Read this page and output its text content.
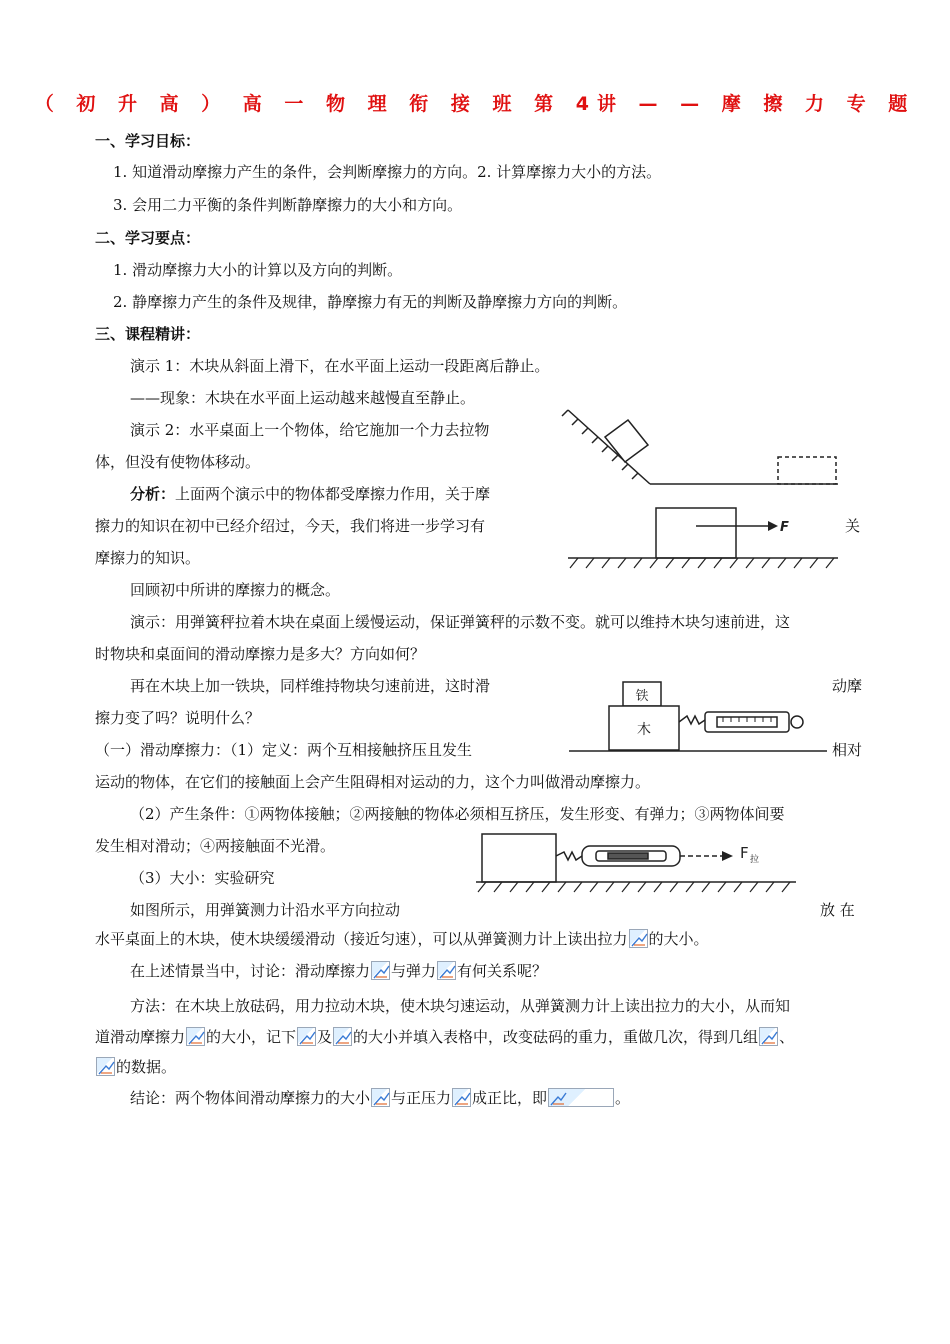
（ 初 升 高 ） 高 一 物 理 衔 接 班 第 4讲 — — 摩 擦 力 专 题
一、学习目标：
1. 知道滑动摩擦力产生的条件，会判断摩擦力的方向。2. 计算摩擦力大小的方法。
3. 会用二力平衡的条件判断静摩擦力的大小和方向。
二、学习要点：
1. 滑动摩擦力大小的计算以及方向的判断。
2. 静摩擦力产生的条件及规律，静摩擦力有无的判断及静摩擦力方向的判断。
三、课程精讲：
演示 1：木块从斜面上滑下，在水平面上运动一段距离后静止。
——现象：木块在水平面上运动越来越慢直至静止。
演示 2：水平桌面上一个物体，给它施加一个力去拉物
体，但没有使物体移动。
分析：上面两个演示中的物体都受摩擦力作用，关于摩
擦力的知识在初中已经介绍过，今天，我们将进一步学习有	关
摩擦力的知识。
回顾初中所讲的摩擦力的概念。
演示：用弹簧秤拉着木块在桌面上缓慢运动，保证弹簧秤的示数不变。就可以维持木块匀速前进，这
时物块和桌面间的滑动摩擦力是多大？方向如何？
再在木块上加一铁块，同样维持物块匀速前进，这时滑	动摩
擦力变了吗？说明什么？
（一）滑动摩擦力：（1）定义：两个互相接触挤压且发生	相对
运动的物体，在它们的接触面上会产生阻碍相对运动的力，这个力叫做滑动摩擦力。
（2）产生条件：①两物体接触；②两接触的物体必须相互挤压，发生形变、有弹力；③两物体间要
发生相对滑动；④两接触面不光滑。
（3）大小：实验研究
如图所示，用弹簧测力计沿水平方向拉动	放 在
水平桌面上的木块，使木块缓缓滑动（接近匀速），可以从弹簧测力计上读出拉力 的大小。
在上述情景当中，讨论：滑动摩擦力 与弹力 有何关系呢？
方法：在木块上放砝码，用力拉动木块，使木块匀速运动，从弹簧测力计上读出拉力的大小，从而知
道滑动摩擦力 的大小，记下 及 的大小并填入表格中，改变砝码的重力，重做几次，得到几组 、
的数据。
结论：两个物体间滑动摩擦力的大小 与正压力 成正比，即	。
F
铁
木
F 拉
